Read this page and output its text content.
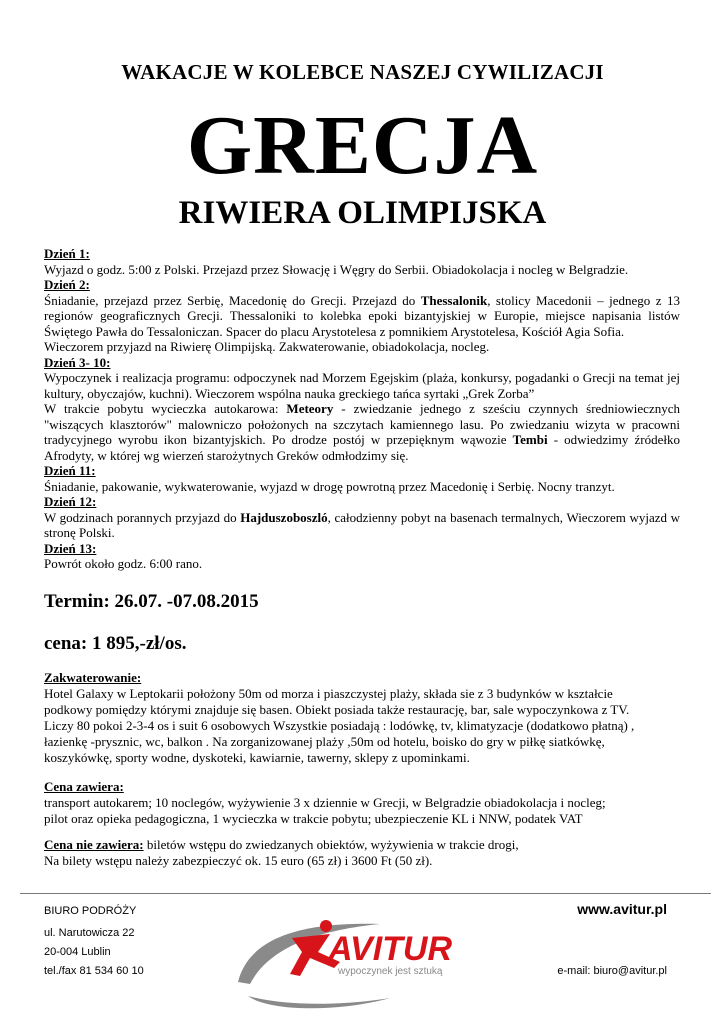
WAKACJE W KOLEBCE NASZEJ CYWILIZACJI
GRECJA
RIWIERA OLIMPIJSKA
Dzień 1:
Wyjazd o godz. 5:00 z Polski. Przejazd przez Słowację i Węgry do Serbii. Obiadokolacja i nocleg w Belgradzie.
Dzień 2:
Śniadanie, przejazd przez Serbię, Macedonię do Grecji. Przejazd do Thessalonik, stolicy Macedonii – jednego z 13 regionów geograficznych Grecji. Thessaloniki to kolebka epoki bizantyjskiej w Europie, miejsce napisania listów Świętego Pawła do Tessaloniczan. Spacer do placu Arystotelesa z pomnikiem Arystotelesa, Kościół Agia Sofia.
Wieczorem przyjazd na Riwierę Olimpijską. Zakwaterowanie, obiadokolacja, nocleg.
Dzień 3- 10:
Wypoczynek i realizacja programu: odpoczynek nad Morzem Egejskim (plaża, konkursy, pogadanki o Grecji na temat jej kultury, obyczajów, kuchni). Wieczorem wspólna nauka greckiego tańca syrtaki „Grek Zorba”
W trakcie pobytu wycieczka autokarowa: Meteory - zwiedzanie jednego z sześciu czynnych średniowiecznych "wiszących klasztorów" malowniczo położonych na szczytach kamiennego lasu. Po zwiedzaniu wizyta w pracowni tradycyjnego wyrobu ikon bizantyjskich. Po drodze postój w przepięknym wąwozie Tembi - odwiedzimy źródełko Afrodyty, w której wg wierzeń starożytnych Greków odmłodzimy się.
Dzień 11:
Śniadanie, pakowanie, wykwaterowanie, wyjazd w drogę powrotną przez Macedonię i Serbię. Nocny tranzyt.
Dzień 12:
W godzinach porannych przyjazd do Hajduszoboszló, całodzienny pobyt na basenach termalnych, Wieczorem wyjazd w stronę Polski.
Dzień 13:
Powrót około godz. 6:00 rano.
Termin: 26.07. -07.08.2015
cena: 1 895,-zł/os.
Zakwaterowanie:
Hotel Galaxy w Leptokarii położony 50m od morza i piaszczystej plaży, składa sie z 3 budynków w kształcie
podkowy pomiędzy którymi znajduje się basen. Obiekt posiada także restaurację, bar, sale wypoczynkowa z TV.
Liczy 80 pokoi 2-3-4 os i suit 6 osobowych Wszystkie posiadają : lodówkę, tv, klimatyzacje (dodatkowo płatną) ,
łazienkę -prysznic, wc, balkon . Na zorganizowanej plaży ,50m od hotelu, boisko do gry w piłkę siatkówkę,
koszykówkę, sporty wodne, dyskoteki, kawiarnie, tawerny, sklepy z upominkami.
Cena zawiera:
transport autokarem; 10 noclegów, wyżywienie 3 x dziennie w Grecji, w Belgradzie obiadokolacja i nocleg;
pilot oraz opieka pedagogiczna, 1 wycieczka w trakcie pobytu; ubezpieczenie KL i NNW, podatek VAT
Cena nie zawiera: biletów wstępu do zwiedzanych obiektów, wyżywienia w trakcie drogi,
Na bilety wstępu należy zabezpieczyć ok. 15 euro (65 zł) i 3600 Ft (50 zł).
BIURO PODRÓŻY
ul. Narutowicza 22
20-004 Lublin
tel./fax 81 534 60 10
www.avitur.pl
e-mail: biuro@avitur.pl
AVITUR
wypoczynek jest sztuką
